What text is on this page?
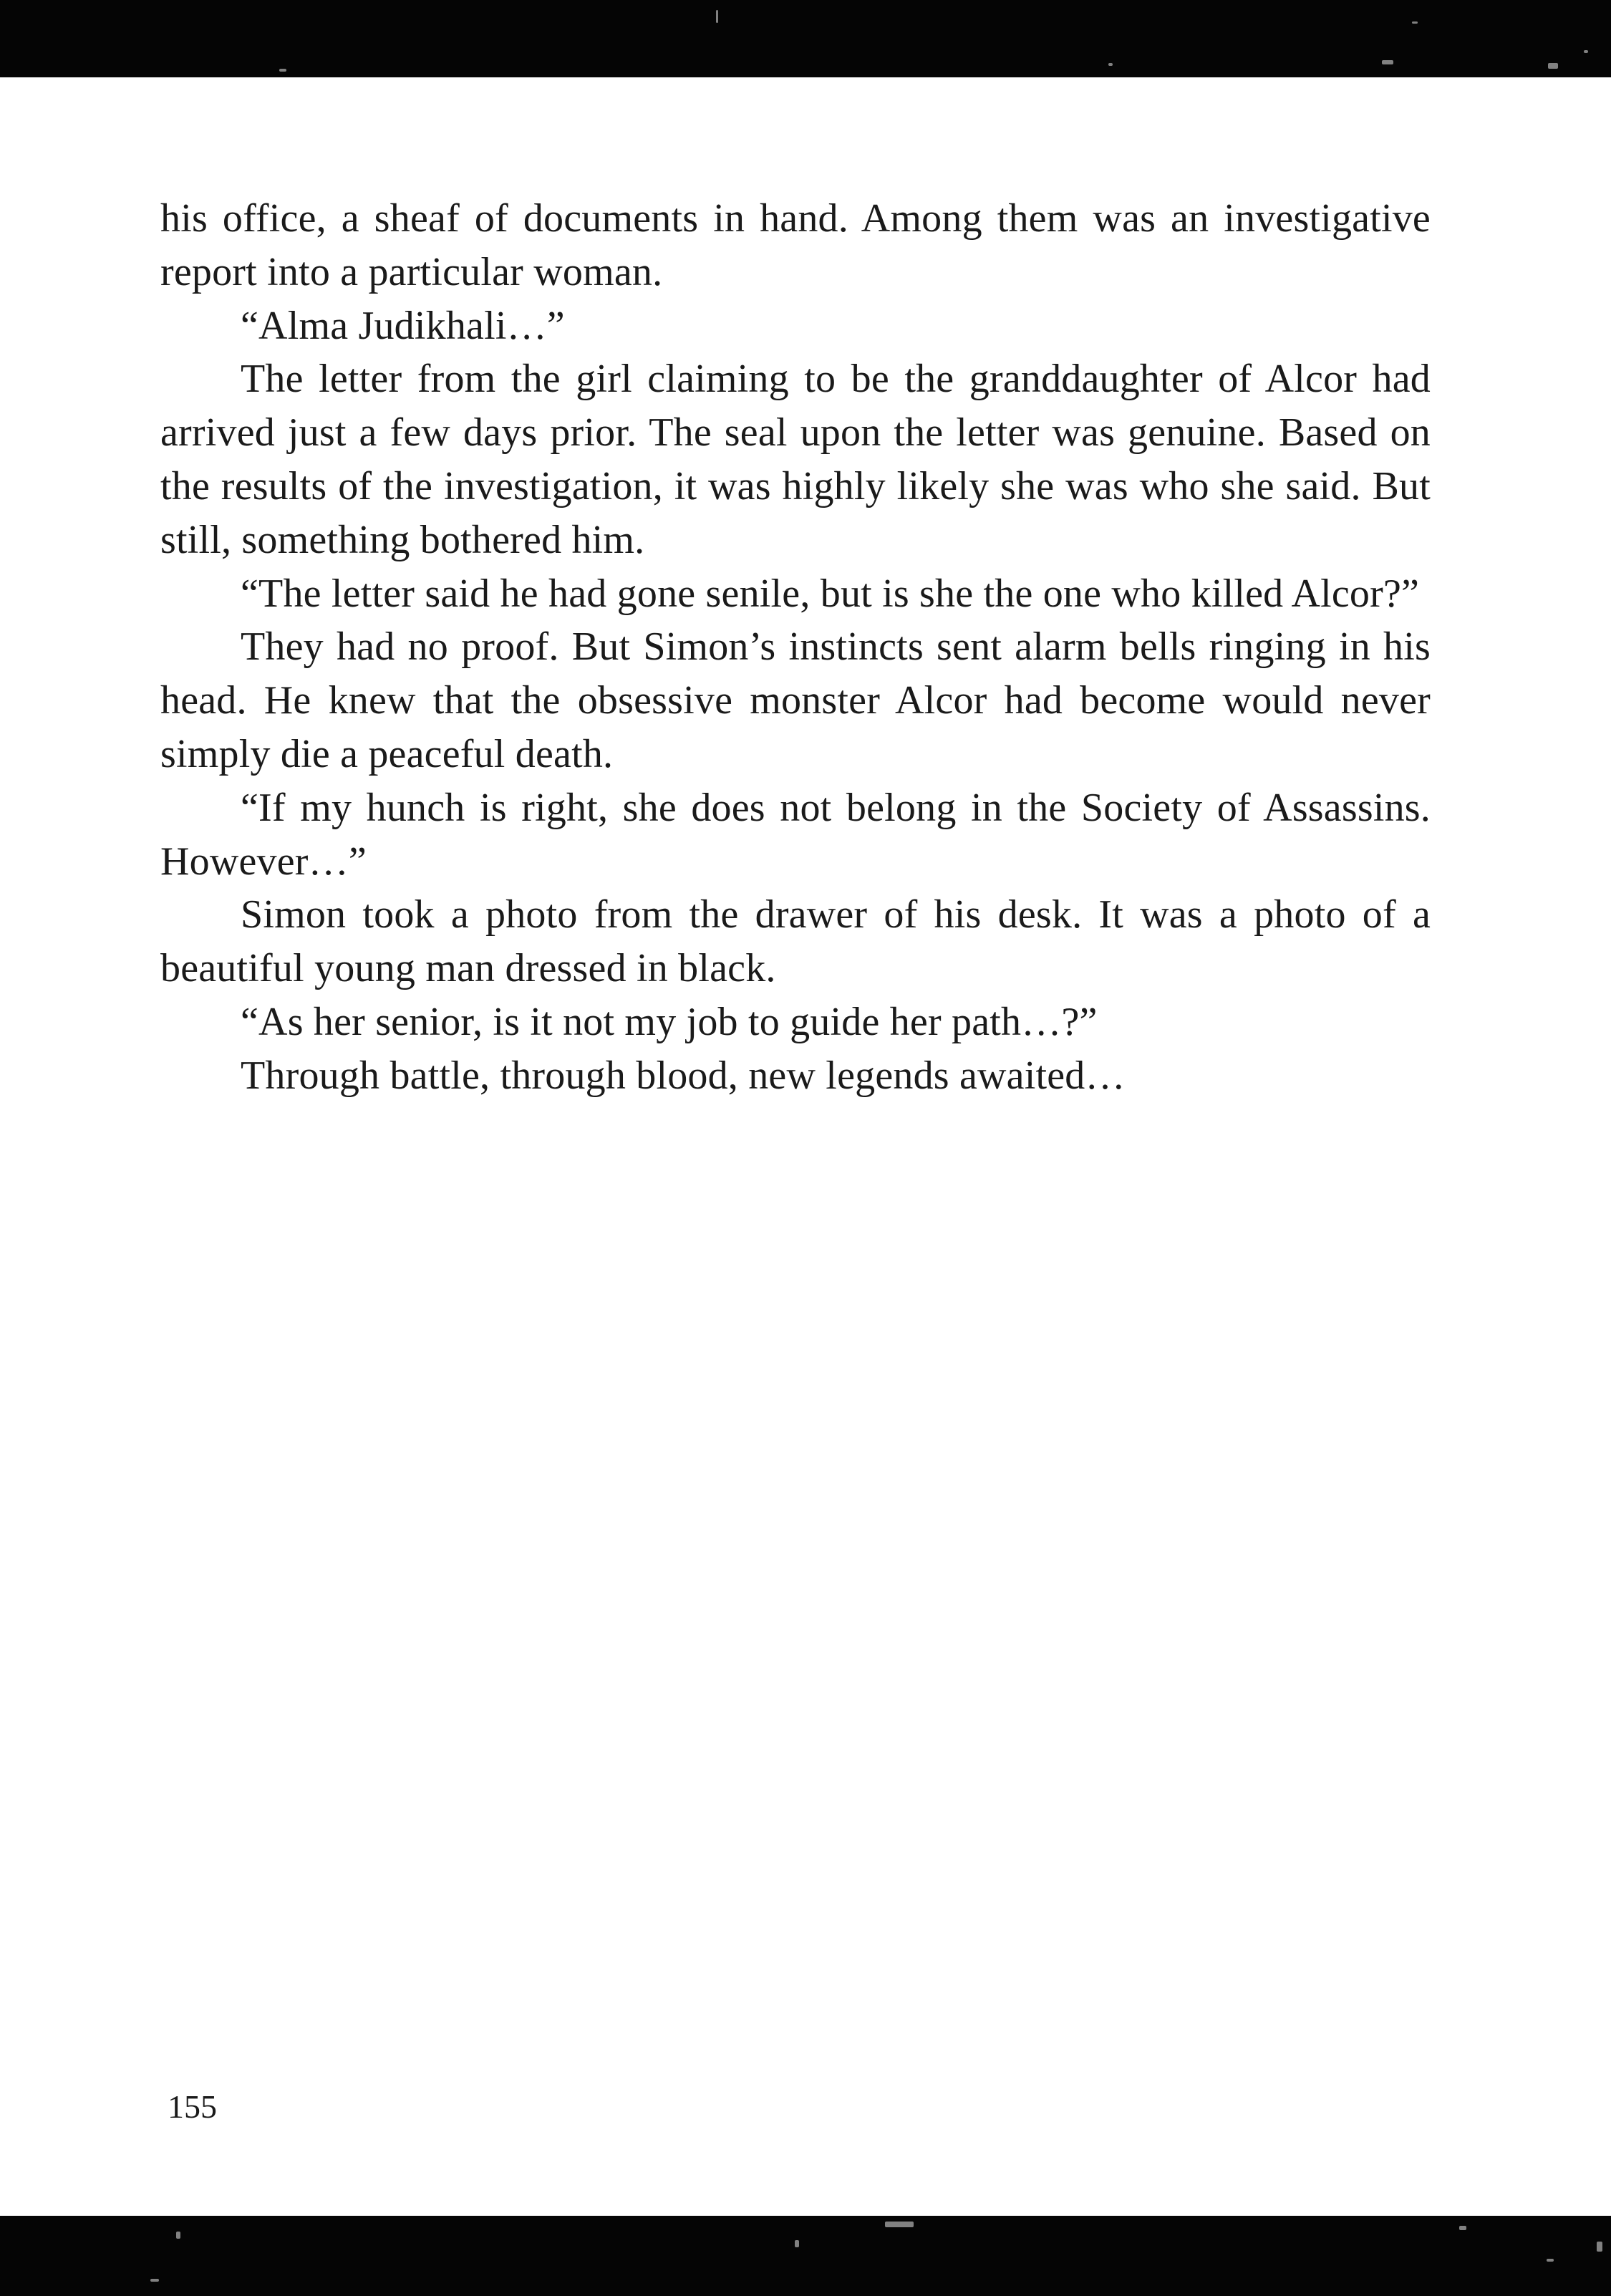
his office, a sheaf of documents in hand. Among them was an investigative report into a particular woman.

“Alma Judikhali…”

The letter from the girl claiming to be the granddaughter of Alcor had arrived just a few days prior. The seal upon the letter was genuine. Based on the results of the investigation, it was highly likely she was who she said. But still, something bothered him.

“The letter said he had gone senile, but is she the one who killed Alcor?”

They had no proof. But Simon’s instincts sent alarm bells ringing in his head. He knew that the obsessive monster Alcor had become would never simply die a peaceful death.

“If my hunch is right, she does not belong in the Society of Assassins. However…”

Simon took a photo from the drawer of his desk. It was a photo of a beautiful young man dressed in black.

“As her senior, is it not my job to guide her path…?”

Through battle, through blood, new legends awaited…

155
